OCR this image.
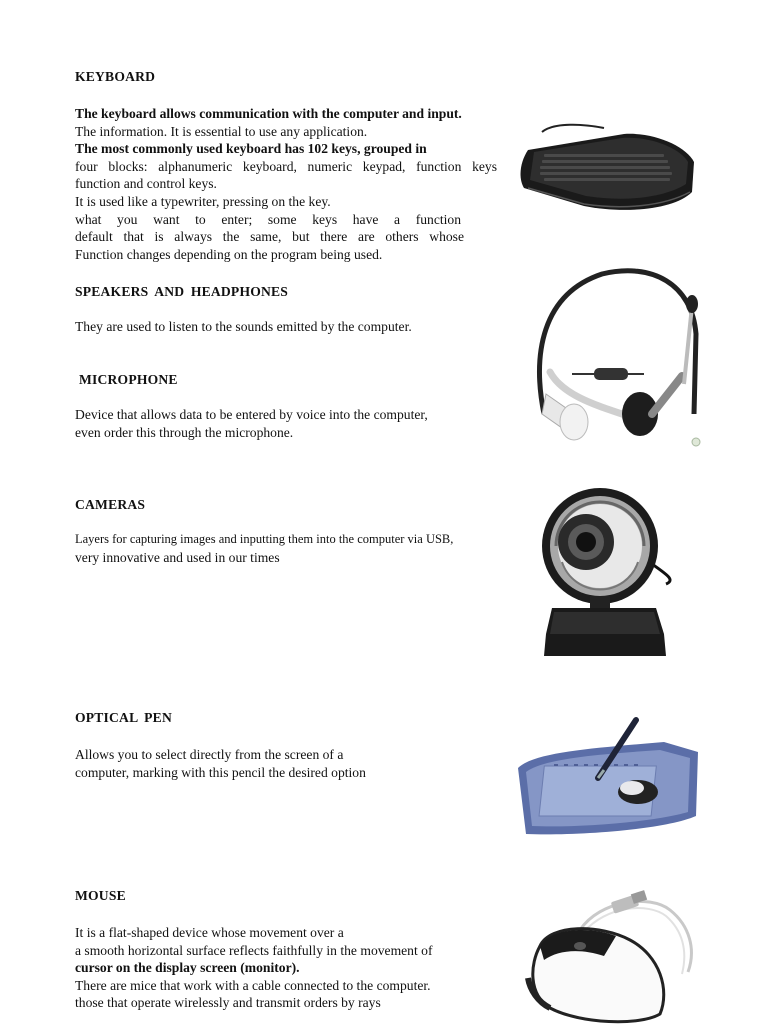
KEYBOARD
The keyboard allows communication with the computer and input.
The information. It is essential to use any application.
The most commonly used keyboard has 102 keys, grouped in
four blocks: alphanumeric keyboard, numeric keypad, function keys
function and control keys.
It is used like a typewriter, pressing on the key.
what you want to enter; some keys have a function
default that is always the same, but there are others whose
Function changes depending on the program being used.
SPEAKERS AND HEADPHONES
They are used to listen to the sounds emitted by the computer.
MICROPHONE
Device that allows data to be entered by voice into the computer,
even order this through the microphone.
CAMERAS
Layers for capturing images and inputting them into the computer via USB,
very innovative and used in our times
OPTICAL PEN
Allows you to select directly from the screen of a
computer, marking with this pencil the desired option
MOUSE
It is a flat-shaped device whose movement over a
a smooth horizontal surface reflects faithfully in the movement of
cursor on the display screen (monitor).
There are mice that work with a cable connected to the computer.
those that operate wirelessly and transmit orders by rays
